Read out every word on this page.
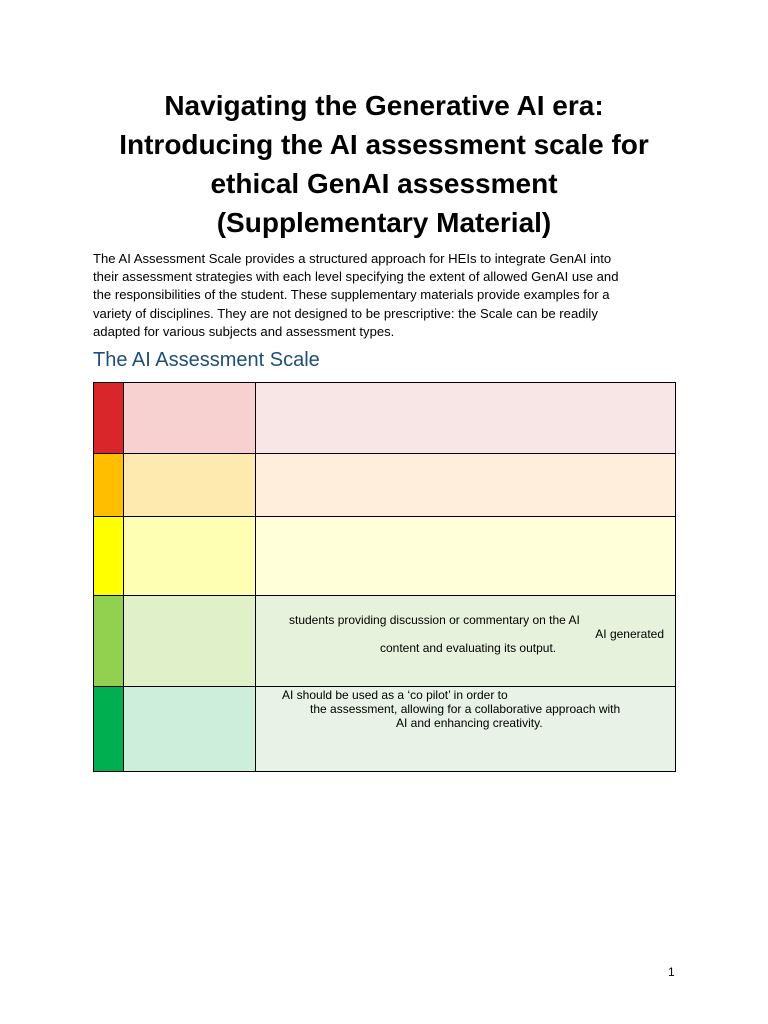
Navigating the Generative AI era:
Introducing the AI assessment scale for
ethical GenAI assessment
(Supplementary Material)

The AI Assessment Scale provides a structured approach for HEIs to integrate GenAI into
their assessment strategies with each level specifying the extent of allowed GenAI use and
the responsibilities of the student. These supplementary materials provide examples for a
variety of disciplines. They are not designed to be prescriptive: the Scale can be readily
adapted for various subjects and assessment types.

The AI Assessment Scale

		students providing discussion or commentary on the AI
AI generated
content and evaluating its output.

		AI should be used as a ‘co pilot’ in order to
the assessment, allowing for a collaborative approach with
AI and enhancing creativity.
1
